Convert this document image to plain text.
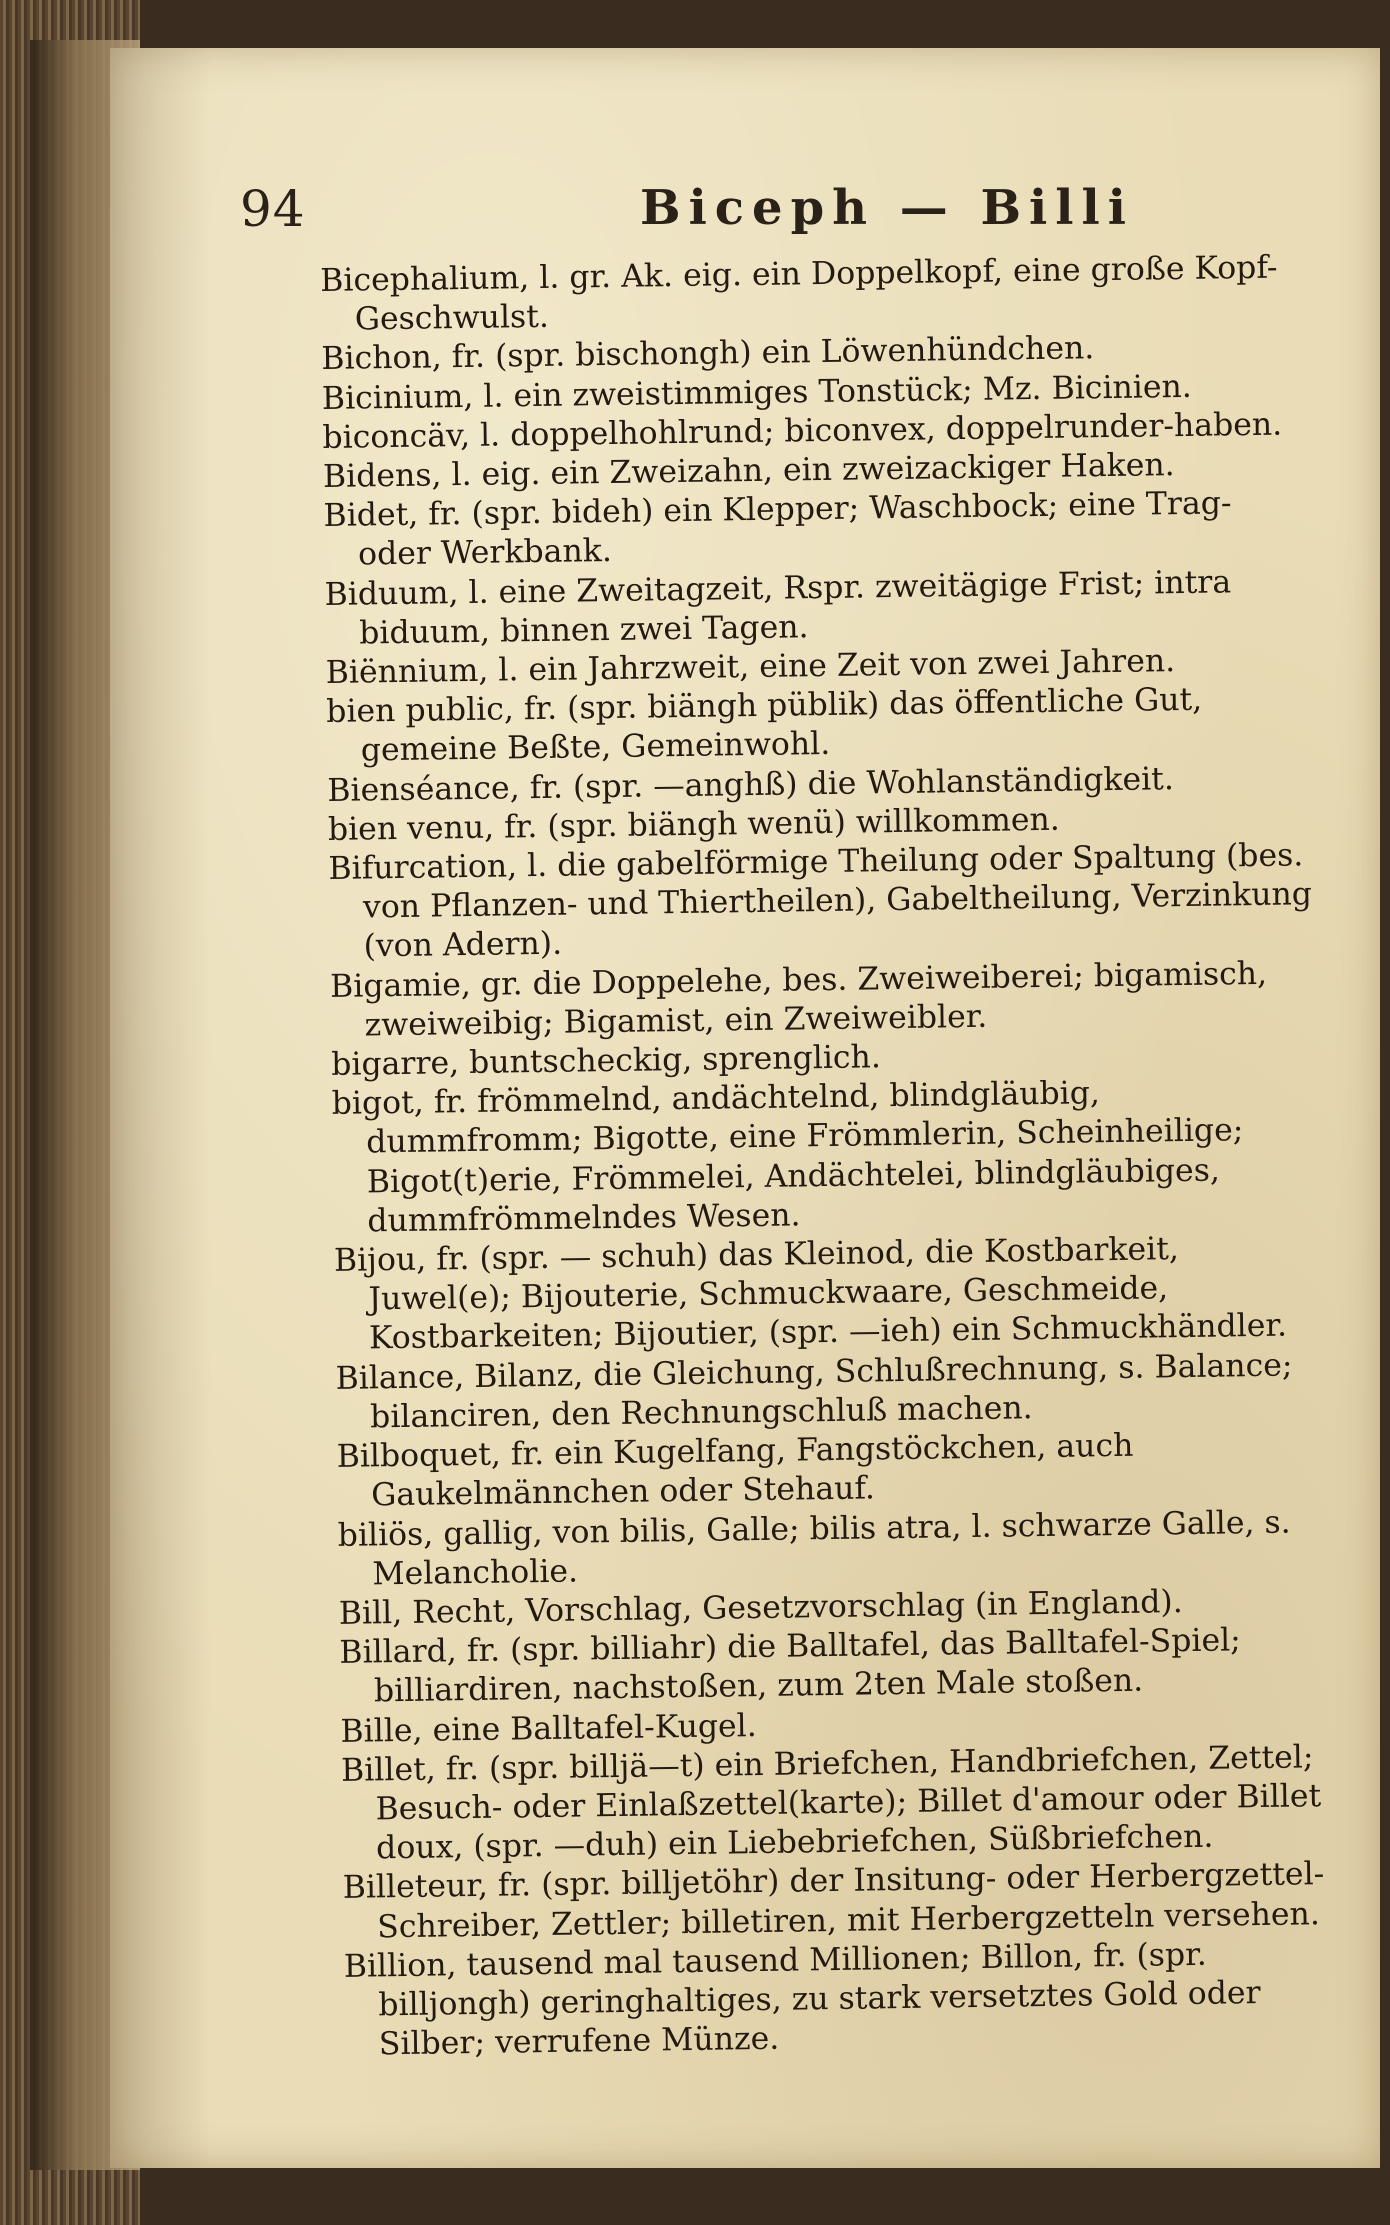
94	Biceph — Billi

Bicephalium, l. gr. Ak. eig. ein Doppelkopf, eine große Kopf-Geschwulst.

Bichon, fr. (spr. bischongh) ein Löwenhündchen.

Bicinium, l. ein zweistimmiges Tonstück; Mz. Bicinien.

biconcäv, l. doppelhohlrund; biconvex, doppelrunder-haben.

Bidens, l. eig. ein Zweizahn, ein zweizackiger Haken.

Bidet, fr. (spr. bideh) ein Klepper; Waschbock; eine Trag- oder Werkbank.

Biduum, l. eine Zweitagzeit, Rspr. zweitägige Frist; intra biduum, binnen zwei Tagen.

Biënnium, l. ein Jahrzweit, eine Zeit von zwei Jahren.

bien public, fr. (spr. biängh püblik) das öffentliche Gut, gemeine Beßte, Gemeinwohl.

Bienséance, fr. (spr. —anghß) die Wohlanständigkeit.

bien venu, fr. (spr. biängh wenü) willkommen.

Bifurcation, l. die gabelförmige Theilung oder Spaltung (bes. von Pflanzen- und Thiertheilen), Gabeltheilung, Verzinkung (von Adern).

Bigamie, gr. die Doppelehe, bes. Zweiweiberei; bigamisch, zweiweibig; Bigamist, ein Zweiweibler.

bigarre, buntscheckig, sprenglich.

bigot, fr. frömmelnd, andächtelnd, blindgläubig, dummfromm; Bigotte, eine Frömmlerin, Scheinheilige; Bigot(t)erie, Frömmelei, Andächtelei, blindgläubiges, dummfrömmelndes Wesen.

Bijou, fr. (spr. — schuh) das Kleinod, die Kostbarkeit, Juwel(e); Bijouterie, Schmuckwaare, Geschmeide, Kostbarkeiten; Bijoutier, (spr. —ieh) ein Schmuckhändler.

Bilance, Bilanz, die Gleichung, Schlußrechnung, s. Balance; bilanciren, den Rechnungschluß machen.

Bilboquet, fr. ein Kugelfang, Fangstöckchen, auch Gaukelmännchen oder Stehauf.

biliös, gallig, von bilis, Galle; bilis atra, l. schwarze Galle, s. Melancholie.

Bill, Recht, Vorschlag, Gesetzvorschlag (in England).

Billard, fr. (spr. billiahr) die Balltafel, das Balltafel-Spiel; billiardiren, nachstoßen, zum 2ten Male stoßen.

Bille, eine Balltafel-Kugel.

Billet, fr. (spr. billjä—t) ein Briefchen, Handbriefchen, Zettel; Besuch- oder Einlaßzettel(karte); Billet d'amour oder Billet doux, (spr. —duh) ein Liebebriefchen, Süßbriefchen.

Billeteur, fr. (spr. billjetöhr) der Insitung- oder Herbergzettel-Schreiber, Zettler; billetiren, mit Herbergzetteln versehen.

Billion, tausend mal tausend Millionen; Billon, fr. (spr. billjongh) geringhaltiges, zu stark versetztes Gold oder Silber; verrufene Münze.
